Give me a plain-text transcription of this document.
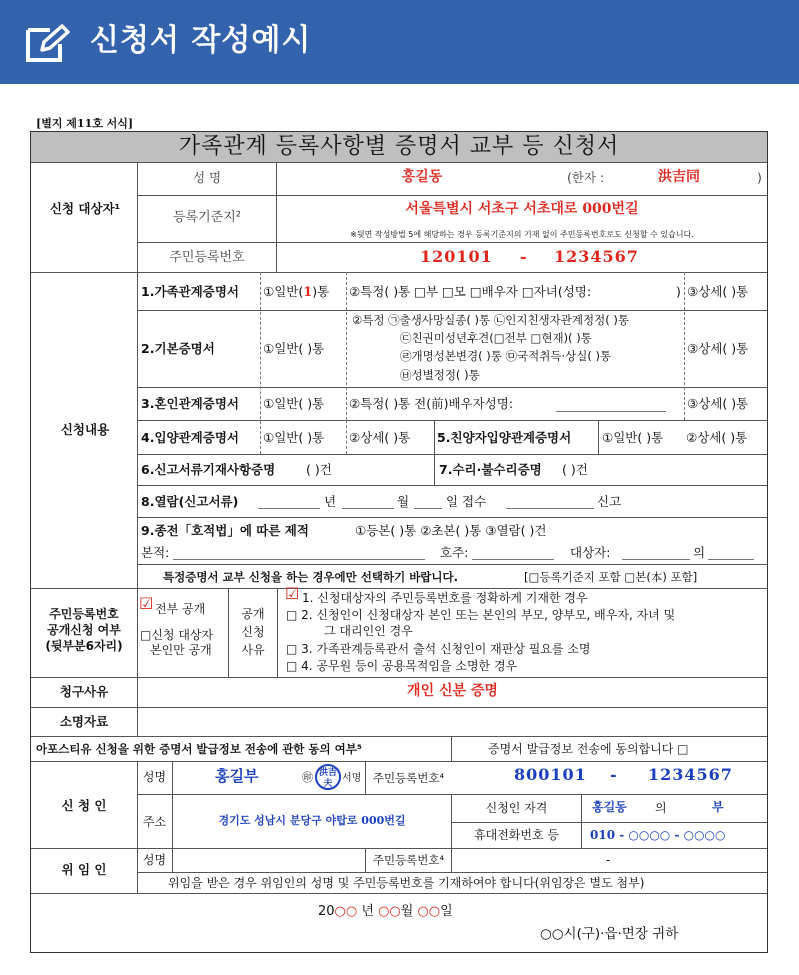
신청서 작성예시
[별지 제11호 서식]
가족관계 등록사항별 증명서 교부 등 신청서
신청 대상자¹
성 명	홍길동	(한자 :	洪吉同	)
등록기준지²
서울특별시 서초구 서초대로 000번길
※뒷면 작성방법 5에 해당하는 경우 등록기준지의 기재 없이 주민등록번호로도 신청할 수 있습니다.
주민등록번호	120101 - 1234567
신청내용
1.가족관계증명서 ①일반(1)통 ②특정( )통 □부 □모 □배우자 □자녀(성명:	) ③상세( )통
2.기본증명서	①일반( )통
②특정 ㉠출생사망실종( )통 ㉡인지친생자관계정정( )통
㉢친권미성년후견(□전부 □현재)( )통
㉣개명성본변경( )통 ㉤국적취득·상실( )통
㉥성별정정( )통
③상세( )통
3.혼인관계증명서 ①일반( )통 ②특정( )통 전(前)배우자성명:	③상세( )통
4.입양관계증명서 ①일반( )통 ②상세( )통 5.친양자입양관계증명서 ①일반( )통 ②상세( )통
6.신고서류기재사항증명 ( )건	7.수리·불수리증명 ( )건
8.열람(신고서류)	년	월	일 접수	신고
9.종전「호적법」에 따른 제적	①등본( )통 ②초본( )통 ③열람( )건
본적:	호주:	대상자:	의
특정증명서 교부 신청을 하는 경우에만 선택하기 바랍니다.	[□등록기준지 포함 □본(本) 포함]
주민등록번호
공개신청 여부
(뒷부분6자리)
☑ 전부 공개
□신청 대상자
본인만 공개
공개
신청
사유
☑ 1. 신청대상자의 주민등록번호를 정확하게 기재한 경우
□ 2. 신청인이 신청대상자 본인 또는 본인의 부모, 양부모, 배우자, 자녀 및
그 대리인인 경우
□ 3. 가족관계등록관서 출석 신청인이 재판상 필요를 소명
□ 4. 공무원 등이 공용목적임을 소명한 경우
청구사유	개인 신분 증명
소명자료
아포스티유 신청을 위한 증명서 발급정보 전송에 관한 동의 여부⁵	증명서 발급정보 전송에 동의합니다 □
신 청 인
성명	홍길부	㊞ 洪吉夫 서명	주민등록번호⁴	800101 - 1234567
주소	경기도 성남시 분당구 야탑로 000번길
신청인 자격	홍길동 의	부
휴대전화번호 등	010 - ○○○○ - ○○○○
위 임 인
성명	주민등록번호⁴	-
위임을 받은 경우 위임인의 성명 및 주민등록번호를 기재하여야 합니다(위임장은 별도 첨부)
20○○ 년 ○○월 ○○일
○○시(구)·읍·면장 귀하
